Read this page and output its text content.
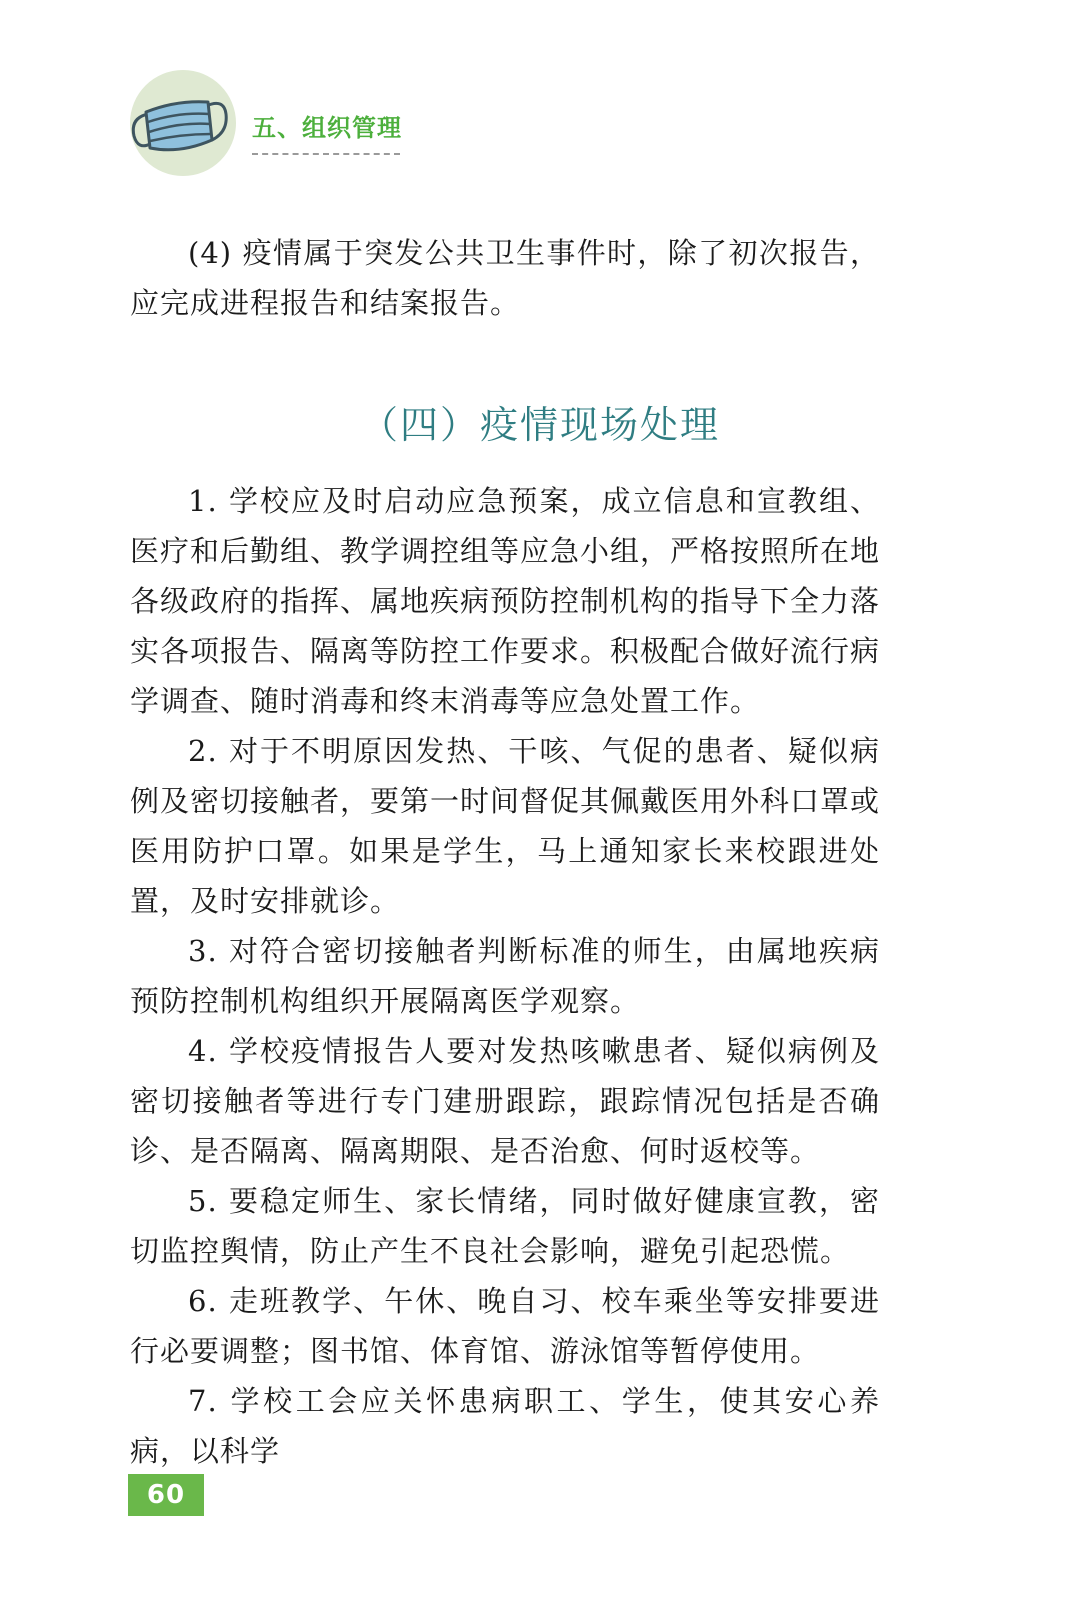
五、组织管理

(4) 疫情属于突发公共卫生事件时，除了初次报告，应完成进程报告和结案报告。

（四）疫情现场处理

1. 学校应及时启动应急预案，成立信息和宣教组、医疗和后勤组、教学调控组等应急小组，严格按照所在地各级政府的指挥、属地疾病预防控制机构的指导下全力落实各项报告、隔离等防控工作要求。积极配合做好流行病学调查、随时消毒和终末消毒等应急处置工作。

2. 对于不明原因发热、干咳、气促的患者、疑似病例及密切接触者，要第一时间督促其佩戴医用外科口罩或医用防护口罩。如果是学生，马上通知家长来校跟进处置，及时安排就诊。

3. 对符合密切接触者判断标准的师生，由属地疾病预防控制机构组织开展隔离医学观察。

4. 学校疫情报告人要对发热咳嗽患者、疑似病例及密切接触者等进行专门建册跟踪，跟踪情况包括是否确诊、是否隔离、隔离期限、是否治愈、何时返校等。

5. 要稳定师生、家长情绪，同时做好健康宣教，密切监控舆情，防止产生不良社会影响，避免引起恐慌。

6. 走班教学、午休、晚自习、校车乘坐等安排要进行必要调整；图书馆、体育馆、游泳馆等暂停使用。

7. 学校工会应关怀患病职工、学生，使其安心养病，以科学

60
